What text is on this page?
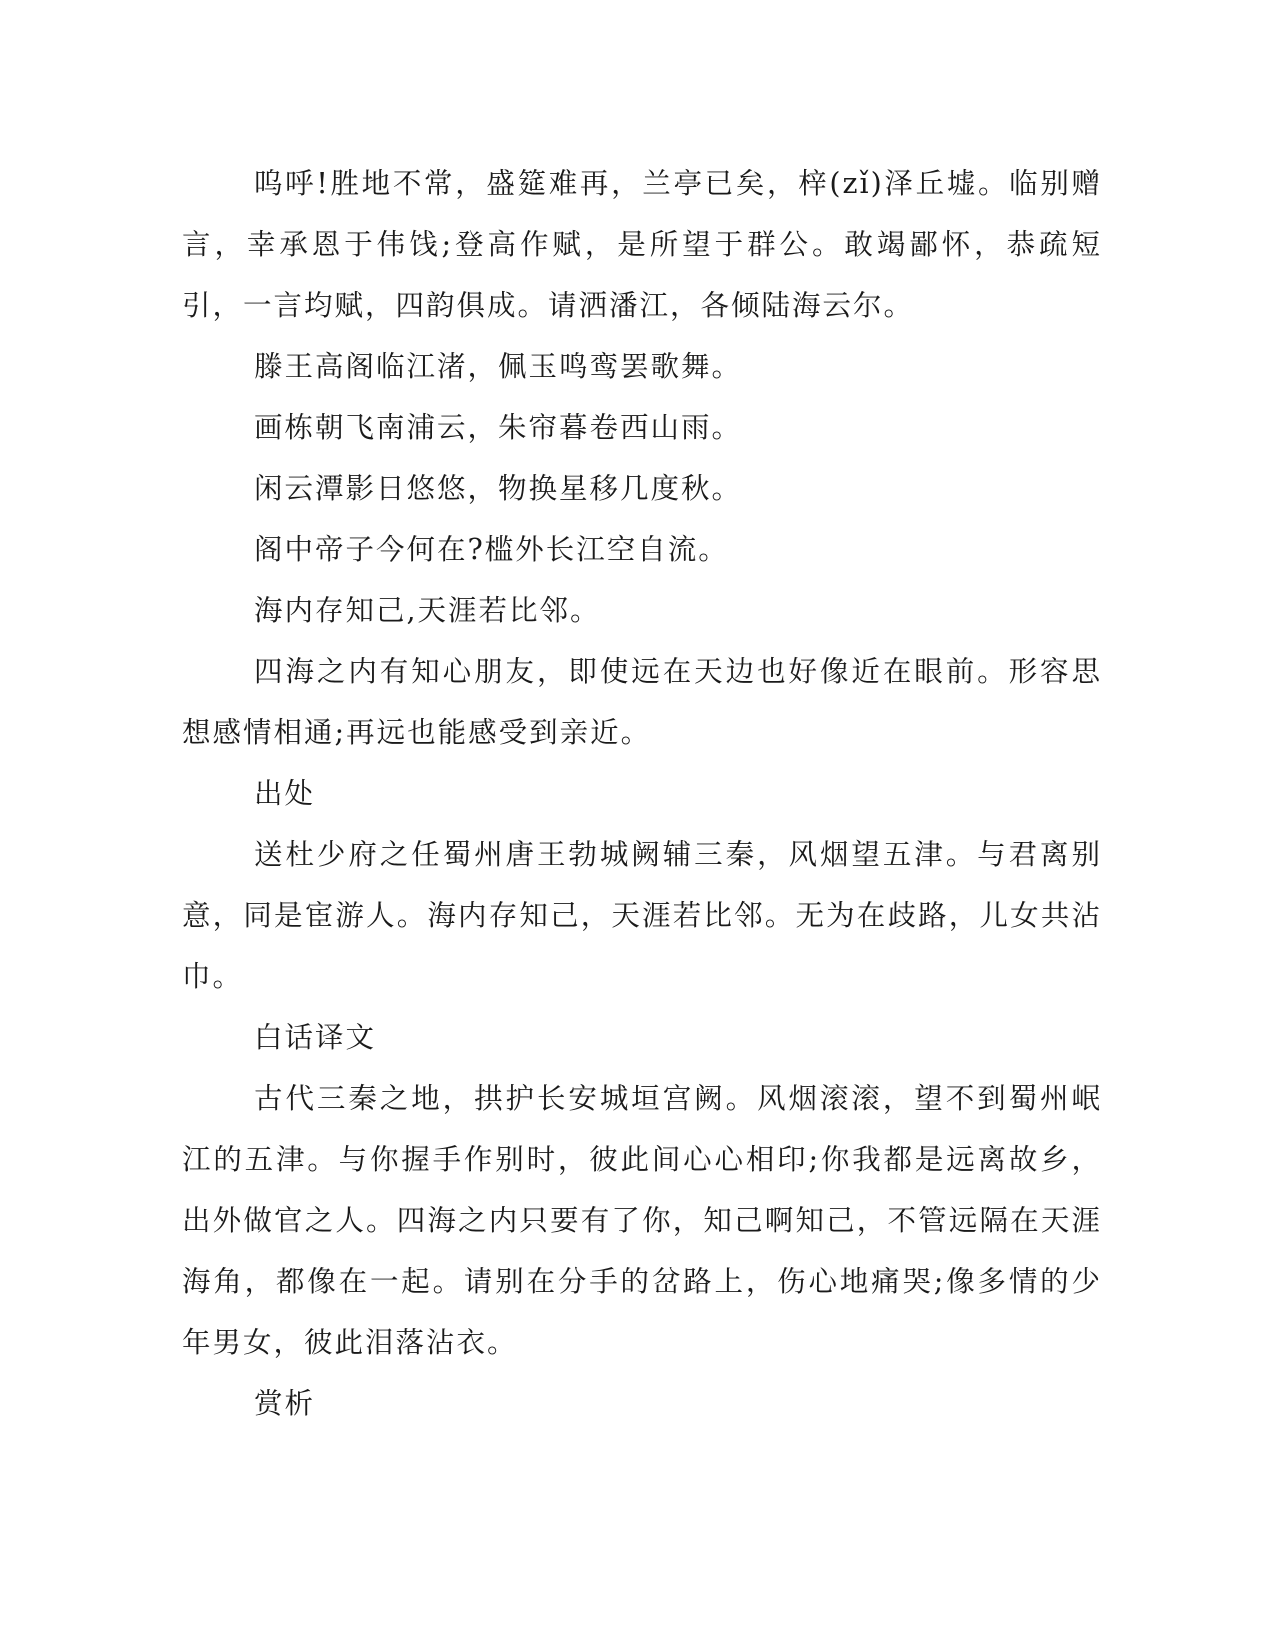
呜呼!胜地不常，盛筵难再，兰亭已矣，梓(zǐ)泽丘墟。临别赠言，幸承恩于伟饯;登高作赋，是所望于群公。敢竭鄙怀，恭疏短引，一言均赋，四韵俱成。请洒潘江，各倾陆海云尔。

滕王高阁临江渚，佩玉鸣鸾罢歌舞。

画栋朝飞南浦云，朱帘暮卷西山雨。

闲云潭影日悠悠，物换星移几度秋。

阁中帝子今何在?槛外长江空自流。

海内存知己,天涯若比邻。

四海之内有知心朋友，即使远在天边也好像近在眼前。形容思想感情相通;再远也能感受到亲近。

出处

送杜少府之任蜀州唐王勃城阙辅三秦，风烟望五津。与君离别意，同是宦游人。海内存知己，天涯若比邻。无为在歧路，儿女共沾巾。

白话译文

古代三秦之地，拱护长安城垣宫阙。风烟滚滚，望不到蜀州岷江的五津。与你握手作别时，彼此间心心相印;你我都是远离故乡，出外做官之人。四海之内只要有了你，知己啊知己，不管远隔在天涯海角，都像在一起。请别在分手的岔路上，伤心地痛哭;像多情的少年男女，彼此泪落沾衣。

赏析
